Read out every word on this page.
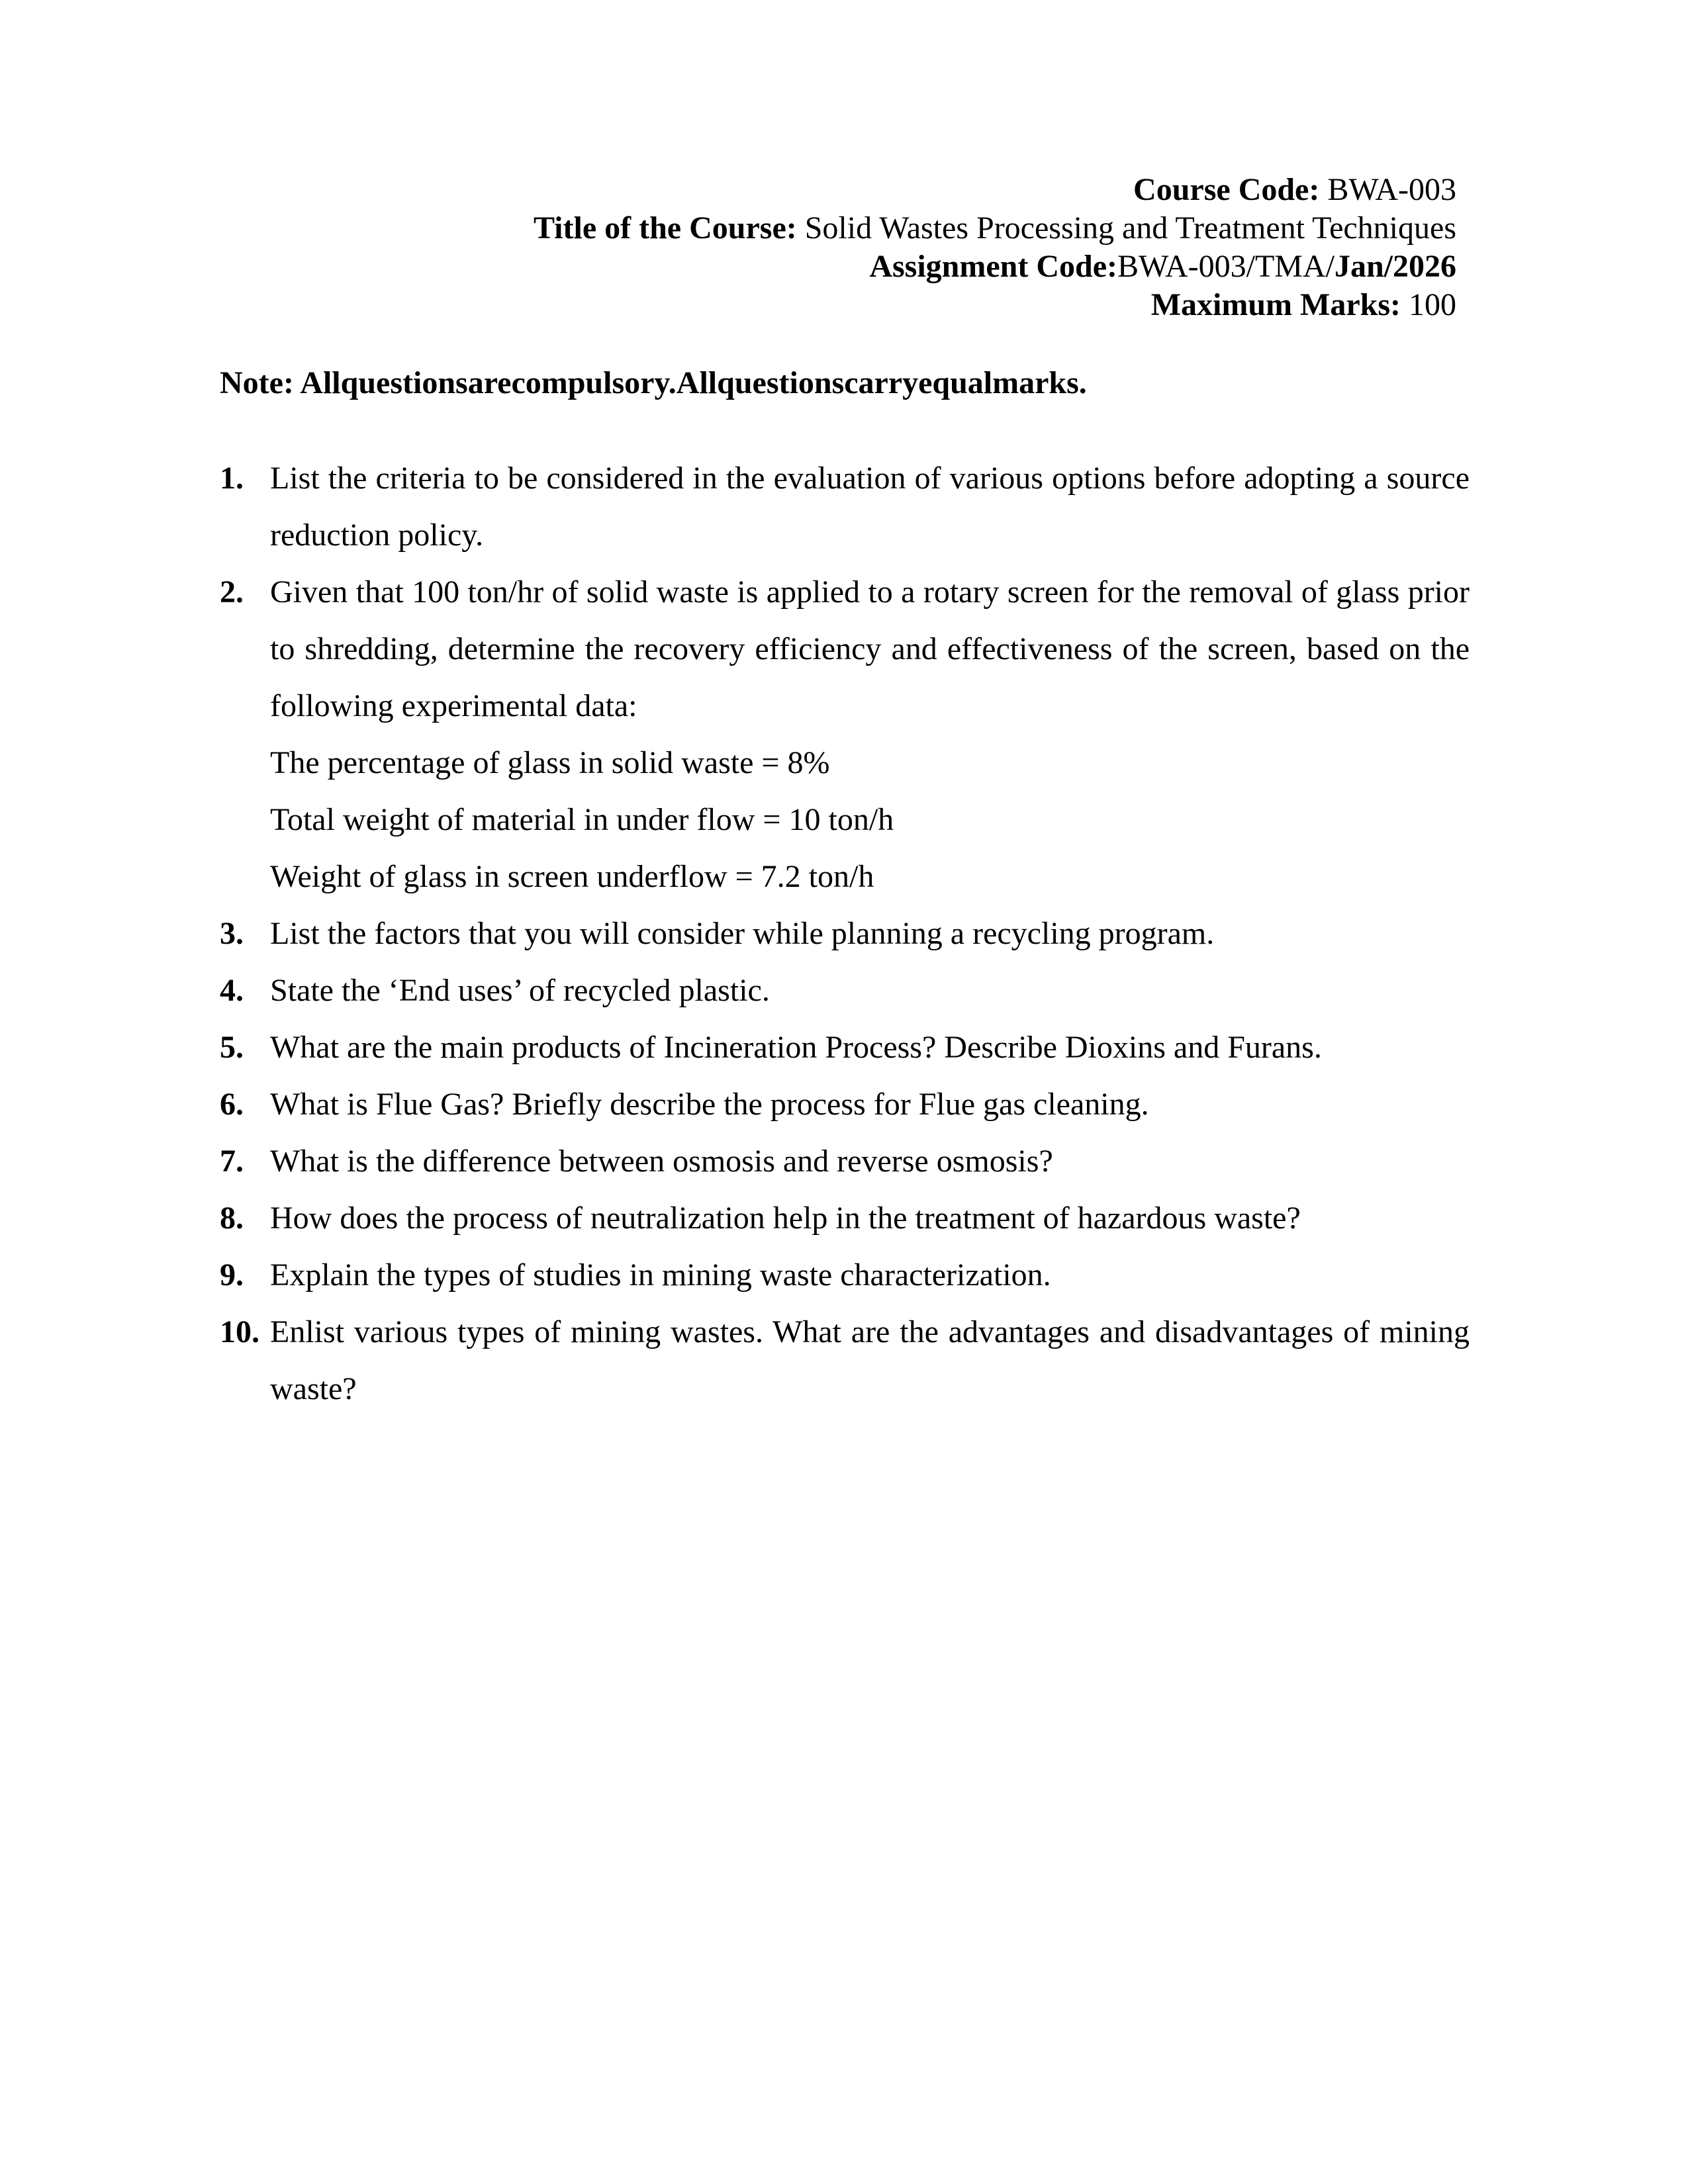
Course Code: BWA-003
Title of the Course: Solid Wastes Processing and Treatment Techniques
Assignment Code:BWA-003/TMA/Jan/2026
Maximum Marks: 100
Note: Allquestionsarecompulsory.Allquestionscarryequalmarks.
1. List the criteria to be considered in the evaluation of various options before adopting a source reduction policy.
2. Given that 100 ton/hr of solid waste is applied to a rotary screen for the removal of glass prior to shredding, determine the recovery efficiency and effectiveness of the screen, based on the following experimental data:
The percentage of glass in solid waste = 8%
Total weight of material in under flow = 10 ton/h
Weight of glass in screen underflow = 7.2 ton/h
3. List the factors that you will consider while planning a recycling program.
4. State the ‘End uses’ of recycled plastic.
5. What are the main products of Incineration Process? Describe Dioxins and Furans.
6. What is Flue Gas? Briefly describe the process for Flue gas cleaning.
7. What is the difference between osmosis and reverse osmosis?
8. How does the process of neutralization help in the treatment of hazardous waste?
9. Explain the types of studies in mining waste characterization.
10. Enlist various types of mining wastes. What are the advantages and disadvantages of mining waste?
